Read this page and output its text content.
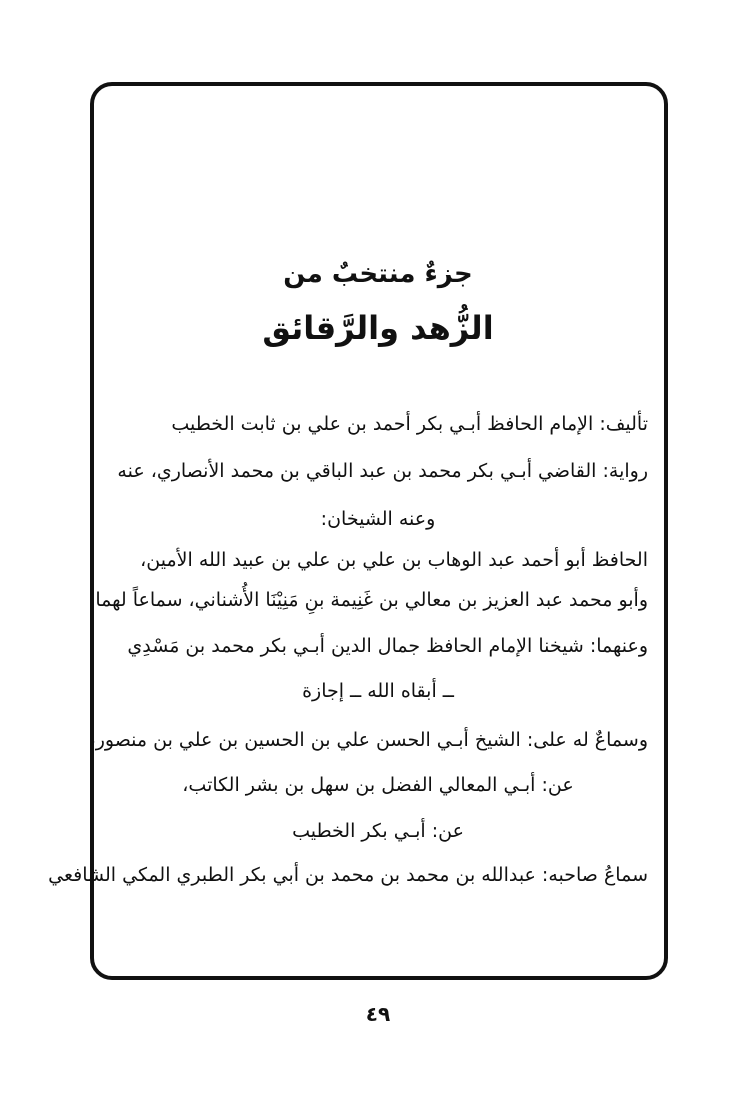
جزءٌ منتخبٌ من
الزُّهد والرَّقائق
تأليف: الإمام الحافظ أبـي بكر أحمد بن علي بن ثابت الخطيب
رواية: القاضي أبـي بكر محمد بن عبد الباقي بن محمد الأنصاري، عنه
وعنه الشيخان:
الحافظ أبو أحمد عبد الوهاب بن علي بن علي بن عبيد الله الأمين،
وأبو محمد عبد العزيز بن معالي بن غَنِيمة بنِ مَنِيْنَا الأُشناني، سماعاً لهما
وعنهما: شيخنا الإمام الحافظ جمال الدين أبـي بكر محمد بن مَسْدِي
ــ أبقاه الله ــ إجازة
وسماعٌ له على: الشيخ أبـي الحسن علي بن الحسين بن علي بن منصور،
عن: أبـي المعالي الفضل بن سهل بن بشر الكاتب،
عن: أبـي بكر الخطيب
سماعُ صاحبه: عبدالله بن محمد بن محمد بن أبي بكر الطبري المكي الشافعي
٤٩
